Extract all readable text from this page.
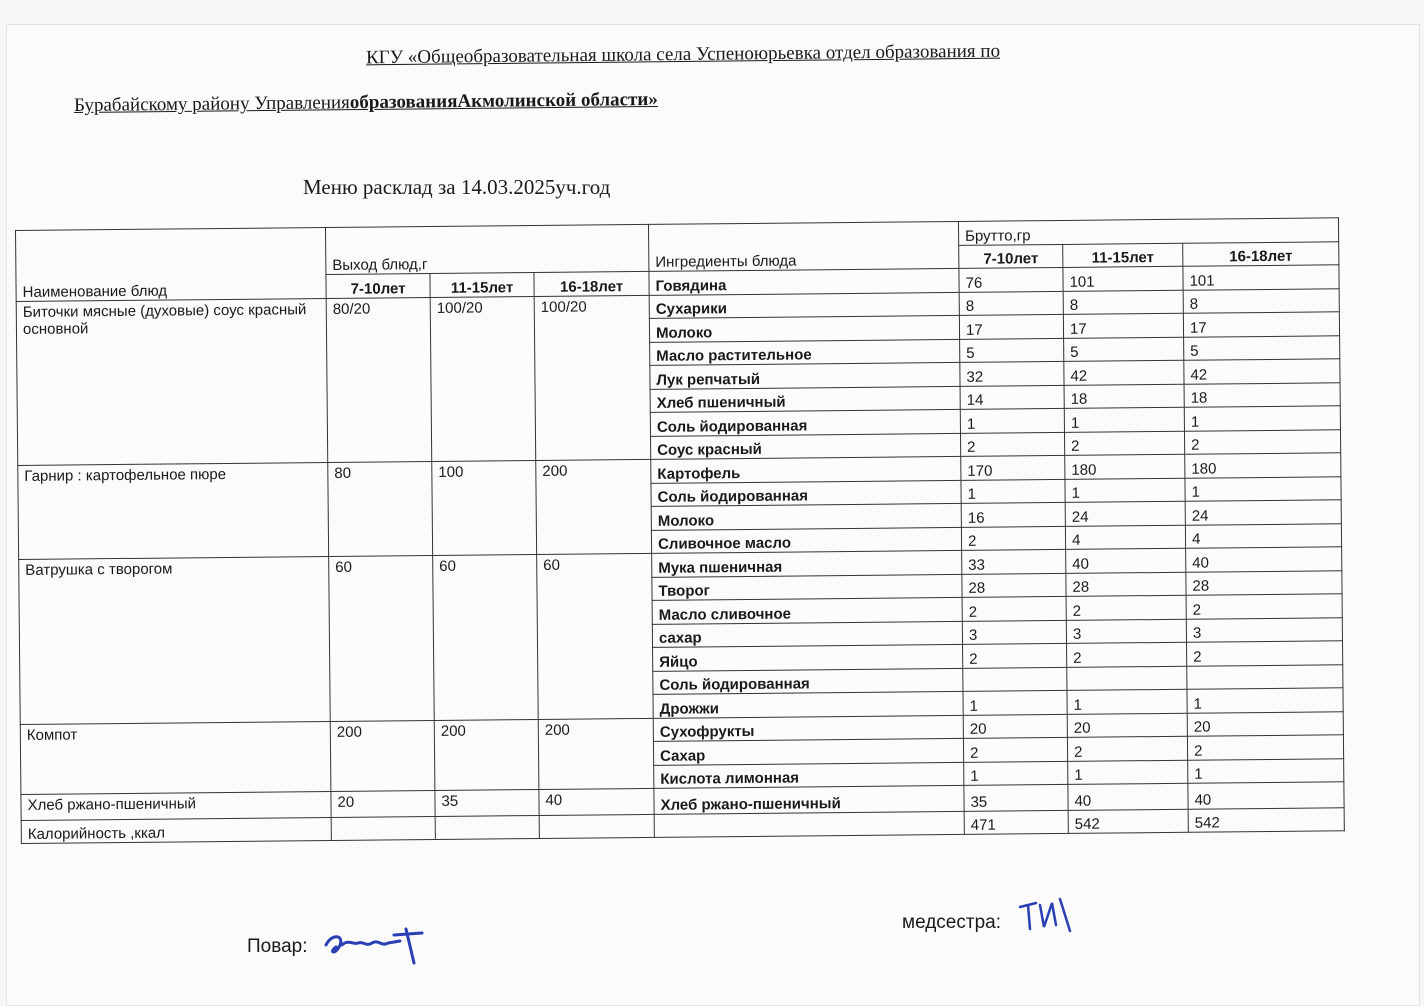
КГУ «Общеобразовательная школа села Успеноюрьевка отдел образования по
Бурабайскому району УправленияобразованияАкмолинской области»
Меню расклад за 14.03.2025уч.год
Наименование блюд	Выход блюд,г			Ингредиенты блюда	Брутто,гр		
					7-10лет	11-15лет	16-18лет
	7-10лет	11-15лет	16-18лет	Говядина	76	101	101
Биточки мясные (духовые) соус красный основной	80/20	100/20	100/20	Сухарики	8	8	8
				Молоко	17	17	17
				Масло растительное	5	5	5
				Лук репчатый	32	42	42
				Хлеб пшеничный	14	18	18
				Соль йодированная	1	1	1
				Соус красный	2	2	2
Гарнир : картофельное пюре	80	100	200	Картофель	170	180	180
				Соль йодированная	1	1	1
				Молоко	16	24	24
				Сливочное масло	2	4	4
Ватрушка с творогом	60	60	60	Мука пшеничная	33	40	40
				Творог	28	28	28
				Масло сливочное	2	2	2
				сахар	3	3	3
				Яйцо	2	2	2
				Соль йодированная			
				Дрожжи	1	1	1
Компот	200	200	200	Сухофрукты	20	20	20
				Сахар	2	2	2
				Кислота лимонная	1	1	1
Хлеб ржано-пшеничный	20	35	40	Хлеб ржано-пшеничный	35	40	40
Калорийность ,ккал					471	542	542
Повар:
медсестра:
